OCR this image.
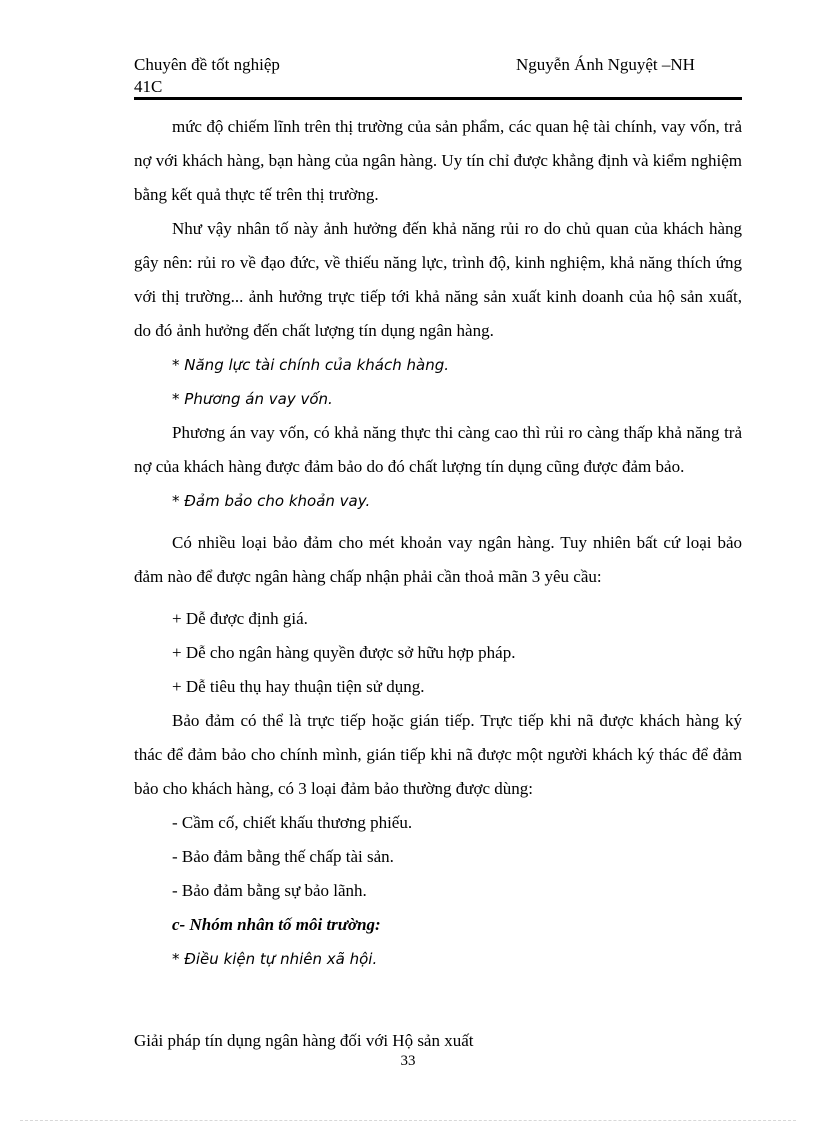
Chuyên đề tốt nghiệp
41C
Nguyễn Ánh Nguyệt –NH

mức độ chiếm lĩnh trên thị trường của sản phẩm, các quan hệ tài chính, vay vốn, trả nợ với khách hàng, bạn hàng của ngân hàng. Uy tín chỉ được khẳng định và kiểm nghiệm bằng kết quả thực tế trên thị trường.

Như vậy nhân tố này ảnh hưởng đến khả năng rủi ro do chủ quan của khách hàng gây nên: rủi ro về đạo đức, về thiếu năng lực, trình độ, kinh nghiệm, khả năng thích ứng với thị trường... ảnh hưởng trực tiếp tới khả năng sản xuất kinh doanh của hộ sản xuất, do đó ảnh hưởng đến chất lượng tín dụng ngân hàng.

* Năng lực tài chính của khách hàng.

* Phương án vay vốn.

Phương án vay vốn, có khả năng thực thi càng cao thì rủi ro càng thấp khả năng trả nợ của khách hàng được đảm bảo do đó chất lượng tín dụng cũng được đảm bảo.

* Đảm bảo cho khoản vay.

Có nhiều loại bảo đảm cho mét khoản vay ngân hàng. Tuy nhiên bất cứ loại bảo đảm nào để được ngân hàng chấp nhận phải cần thoả mãn 3 yêu cầu:

+ Dễ được định giá.

+ Dễ cho ngân hàng quyền được sở hữu hợp pháp.

+ Dễ tiêu thụ hay thuận tiện sử dụng.

Bảo đảm có thể là trực tiếp hoặc gián tiếp. Trực tiếp khi nã được khách hàng ký thác để đảm bảo cho chính mình, gián tiếp khi nã được một người khách ký thác để đảm bảo cho khách hàng, có 3 loại đảm bảo thường được dùng:

- Cầm cố, chiết khấu thương phiếu.

- Bảo đảm bằng thế chấp tài sản.

- Bảo đảm bằng sự bảo lãnh.

c- Nhóm nhân tố môi trường:

* Điều kiện tự nhiên xã hội.

Giải pháp tín dụng ngân hàng đối với Hộ sản xuất
33
